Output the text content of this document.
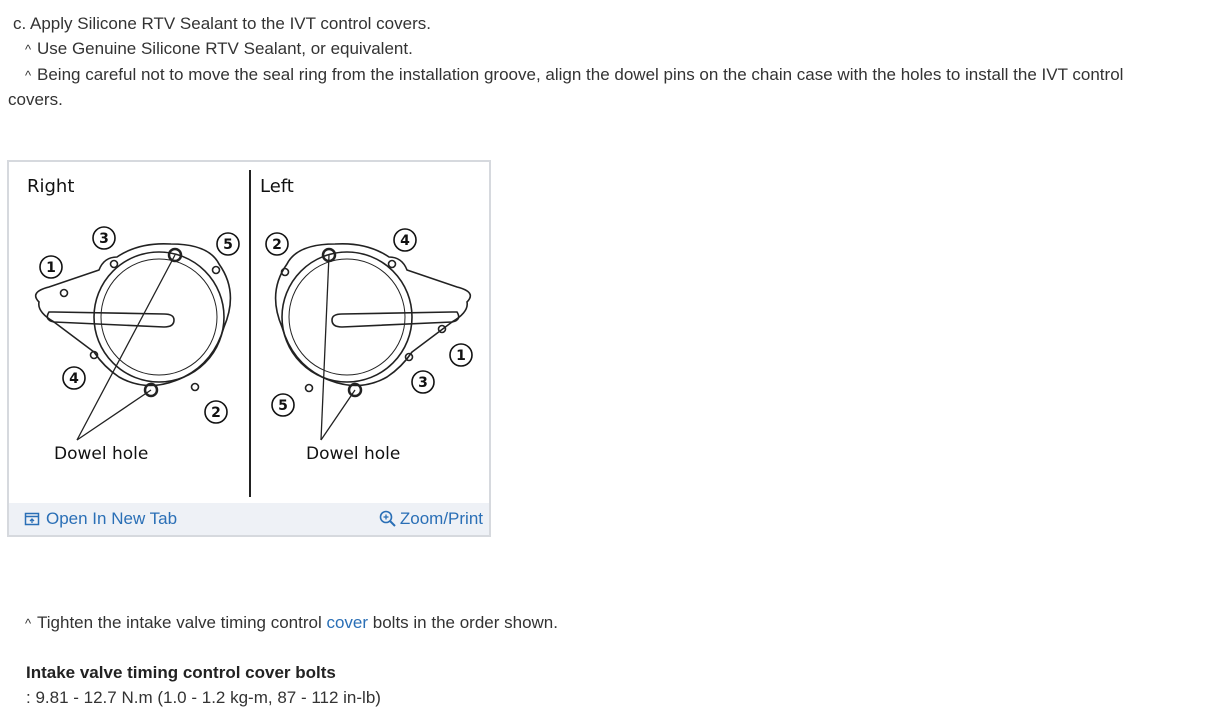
c. Apply Silicone RTV Sealant to the IVT control covers.
^ Use Genuine Silicone RTV Sealant, or equivalent.
^ Being careful not to move the seal ring from the installation groove, align the dowel pins on the chain case with the holes to install the IVT control
covers.
1
2
3
4
5
Right
Dowel hole
1
2
3
4
5
Left
Dowel hole
Open In New Tab	Zoom/Print
^ Tighten the intake valve timing control cover bolts in the order shown.
Intake valve timing control cover bolts
: 9.81 - 12.7 N.m (1.0 - 1.2 kg-m, 87 - 112 in-lb)
